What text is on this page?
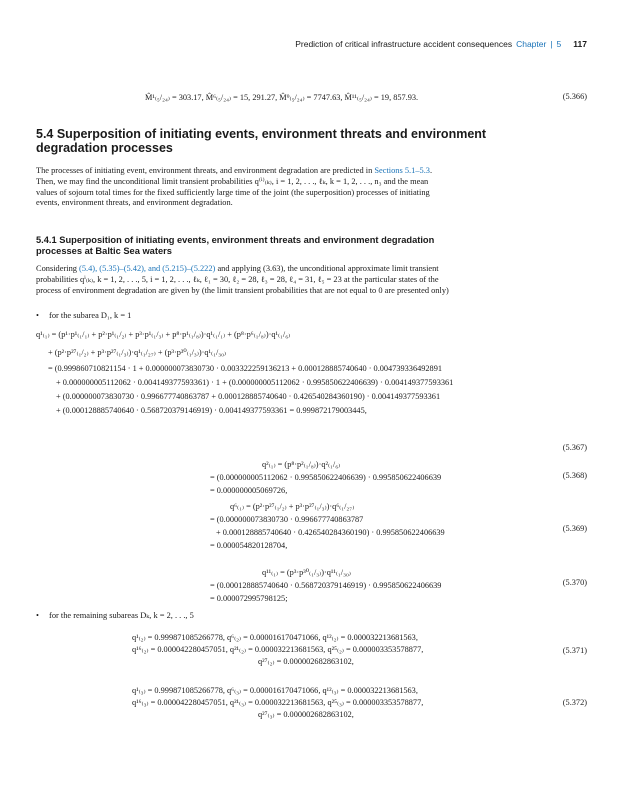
Prediction of critical infrastructure accident consequences Chapter | 5 117
M̂¹₍₅/₂₄₎ = 303.17, M̂⁶₍₅/₂₄₎ = 15, 291.27, M̂⁹₍₅/₂₄₎ = 7747.63, M̂¹¹₍₅/₂₄₎ = 19, 857.93.	(5.366)
5.4 Superposition of initiating events, environment threats and environment
degradation processes
The processes of initiating event, environment threats, and environment degradation are predicted in Sections 5.1–5.3.
Then, we may find the unconditional limit transient probabilities q⁽ⁱ⁾₍ₖ₎, i = 1, 2, . . ., ℓₖ, k = 1, 2, . . ., n₃ and the mean
values of sojourn total times for the fixed sufficiently large time of the joint (the superposition) processes of initiating
events, environment threats, and environment degradation.
5.4.1 Superposition of initiating events, environment threats and environment degradation
processes at Baltic Sea waters
Considering (5.4), (5.35)–(5.42), and (5.215)–(5.222) and applying (3.63), the unconditional approximate limit transient
probabilities qⁱ₍ₖ₎, k = 1, 2, . . ., 5, i = 1, 2, . . ., ℓₖ, ℓ₁ = 30, ℓ₂ = 28, ℓ₃ = 28, ℓ₄ = 31, ℓ₅ = 23 at the particular states of the
process of environment degradation are given by (the limit transient probabilities that are not equal to 0 are presented only)
• for the subarea D₁, k = 1
q¹₍₁₎ = (p¹·p¹₍₁/₁₎ + p²·p¹₍₁/₂₎ + p³·p¹₍₁/₃₎ + p⁸·p¹₍₁/₈₎)·q¹₍₁/₁₎ + (p⁸·p⁶₍₁/₈₎)·q¹₍₁/₆₎
+ (p²·p²⁷₍₁/₂₎ + p³·p²⁷₍₁/₃₎)·q¹₍₁/₂₇₎ + (p³·p³⁰₍₁/₃₎)·q¹₍₁/₃₀₎
= (0.999860710821154 · 1 + 0.000000073830730 · 0.003322259136213 + 0.000128885740640 · 0.004739336492891
+ 0.000000005112062 · 0.004149377593361) · 1 + (0.000000005112062 · 0.995850622406639) · 0.004149377593361
+ (0.000000073830730 · 0.996677740863787 + 0.000128885740640 · 0.426540284360190) · 0.004149377593361
+ (0.000128885740640 · 0.568720379146919) · 0.004149377593361 = 0.999872179003445,
(5.367)
q²₍₁₎ = (p⁸·p²₍₁/₈₎)·q²₍₁/₆₎
= (0.000000005112062 · 0.995850622406639) · 0.995850622406639
= 0.000000005069726,
(5.368)
q⁶₍₁₎ = (p²·p²⁷₍₁/₂₎ + p³·p²⁷₍₁/₃₎)·q⁶₍₁/₂₇₎
= (0.000000073830730 · 0.996677740863787
+ 0.000128885740640 · 0.426540284360190) · 0.995850622406639
= 0.000054820128704,
(5.369)
q¹¹₍₁₎ = (p³·p³⁰₍₁/₃₎)·q¹¹₍₁/₃₀₎
= (0.000128885740640 · 0.568720379146919) · 0.995850622406639
= 0.000072995798125;
(5.370)
• for the remaining subareas Dₖ, k = 2, . . ., 5
q¹₍₂₎ = 0.999871085266778, q⁶₍₂₎ = 0.000016170471066, q¹²₍₂₎ = 0.000032213681563,
q¹⁶₍₂₎ = 0.000042280457051, q²¹₍₂₎ = 0.000032213681563, q²⁵₍₂₎ = 0.000003353578877,
q²⁷₍₂₎ = 0.000002682863102,
(5.371)
q¹₍₃₎ = 0.999871085266778, q⁶₍₃₎ = 0.000016170471066, q¹²₍₃₎ = 0.000032213681563,
q¹⁶₍₃₎ = 0.000042280457051, q²¹₍₃₎ = 0.000032213681563, q²⁵₍₃₎ = 0.000003353578877,
q²⁷₍₃₎ = 0.000002682863102,
(5.372)
